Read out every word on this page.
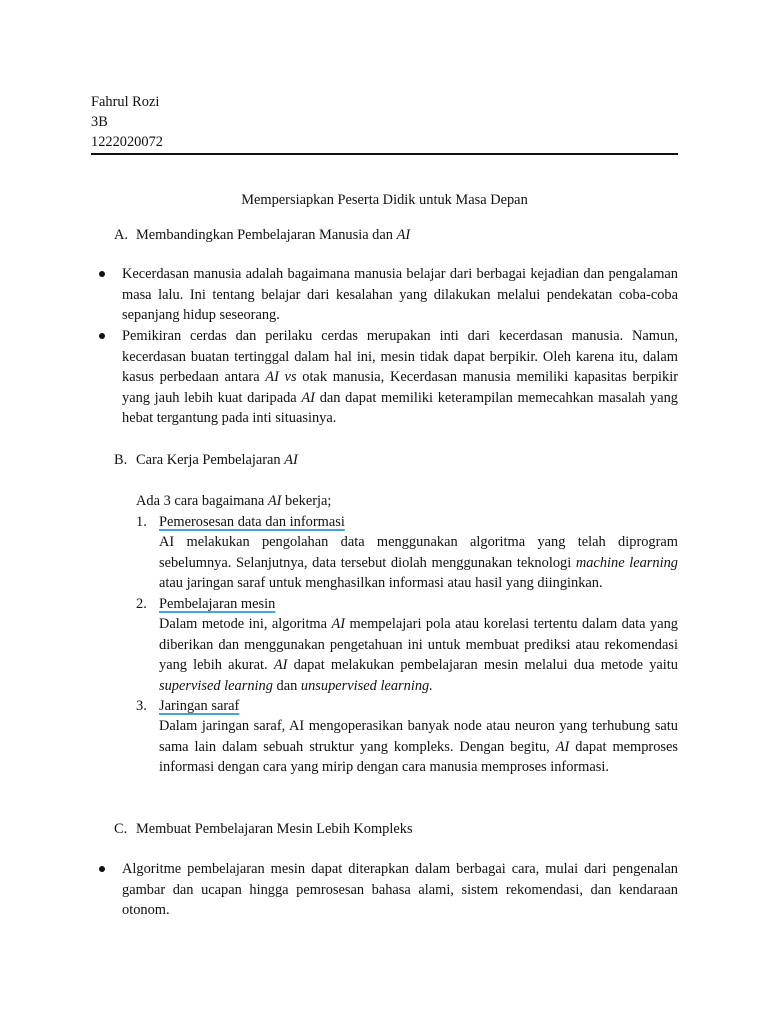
Fahrul Rozi
3B
1222020072
Mempersiapkan Peserta Didik untuk Masa Depan
A. Membandingkan Pembelajaran Manusia dan AI
Kecerdasan manusia adalah bagaimana manusia belajar dari berbagai kejadian dan pengalaman masa lalu. Ini tentang belajar dari kesalahan yang dilakukan melalui pendekatan coba-coba sepanjang hidup seseorang.
Pemikiran cerdas dan perilaku cerdas merupakan inti dari kecerdasan manusia. Namun, kecerdasan buatan tertinggal dalam hal ini, mesin tidak dapat berpikir. Oleh karena itu, dalam kasus perbedaan antara AI vs otak manusia, Kecerdasan manusia memiliki kapasitas berpikir yang jauh lebih kuat daripada AI dan dapat memiliki keterampilan memecahkan masalah yang hebat tergantung pada inti situasinya.
B. Cara Kerja Pembelajaran AI
Ada 3 cara bagaimana AI bekerja;
1. Pemerosesan data dan informasi
AI melakukan pengolahan data menggunakan algoritma yang telah diprogram sebelumnya. Selanjutnya, data tersebut diolah menggunakan teknologi machine learning atau jaringan saraf untuk menghasilkan informasi atau hasil yang diinginkan.
2. Pembelajaran mesin
Dalam metode ini, algoritma AI mempelajari pola atau korelasi tertentu dalam data yang diberikan dan menggunakan pengetahuan ini untuk membuat prediksi atau rekomendasi yang lebih akurat. AI dapat melakukan pembelajaran mesin melalui dua metode yaitu supervised learning dan unsupervised learning.
3. Jaringan saraf
Dalam jaringan saraf, AI mengoperasikan banyak node atau neuron yang terhubung satu sama lain dalam sebuah struktur yang kompleks. Dengan begitu, AI dapat memproses informasi dengan cara yang mirip dengan cara manusia memproses informasi.
C. Membuat Pembelajaran Mesin Lebih Kompleks
Algoritme pembelajaran mesin dapat diterapkan dalam berbagai cara, mulai dari pengenalan gambar dan ucapan hingga pemrosesan bahasa alami, sistem rekomendasi, dan kendaraan otonom.
